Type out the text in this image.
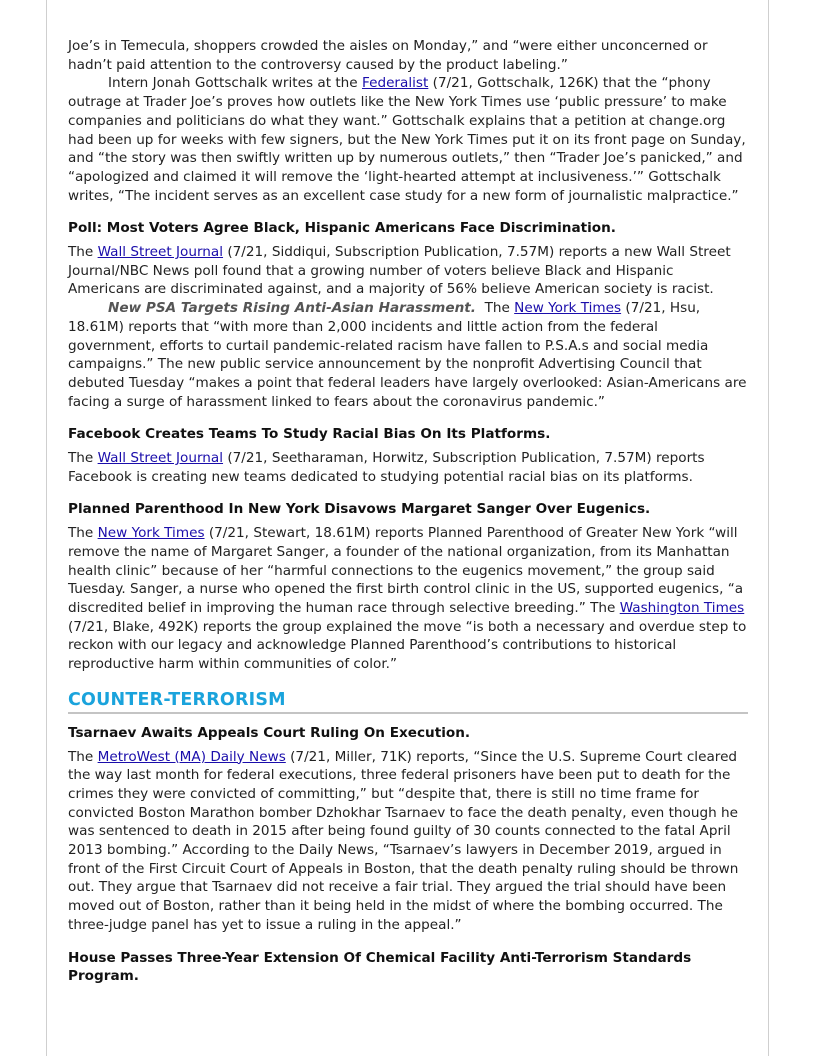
Joe’s in Temecula, shoppers crowded the aisles on Monday,” and “were either unconcerned or hadn’t paid attention to the controversy caused by the product labeling.”

Intern Jonah Gottschalk writes at the Federalist (7/21, Gottschalk, 126K) that the “phony outrage at Trader Joe’s proves how outlets like the New York Times use ‘public pressure’ to make companies and politicians do what they want.” Gottschalk explains that a petition at change.org had been up for weeks with few signers, but the New York Times put it on its front page on Sunday, and “the story was then swiftly written up by numerous outlets,” then “Trader Joe’s panicked,” and “apologized and claimed it will remove the ‘light-hearted attempt at inclusiveness.’” Gottschalk writes, “The incident serves as an excellent case study for a new form of journalistic malpractice.”

Poll: Most Voters Agree Black, Hispanic Americans Face Discrimination.

The Wall Street Journal (7/21, Siddiqui, Subscription Publication, 7.57M) reports a new Wall Street Journal/NBC News poll found that a growing number of voters believe Black and Hispanic Americans are discriminated against, and a majority of 56% believe American society is racist.

New PSA Targets Rising Anti-Asian Harassment.  The New York Times (7/21, Hsu, 18.61M) reports that “with more than 2,000 incidents and little action from the federal government, efforts to curtail pandemic-related racism have fallen to P.S.A.s and social media campaigns.” The new public service announcement by the nonprofit Advertising Council that debuted Tuesday “makes a point that federal leaders have largely overlooked: Asian-Americans are facing a surge of harassment linked to fears about the coronavirus pandemic.”

Facebook Creates Teams To Study Racial Bias On Its Platforms.

The Wall Street Journal (7/21, Seetharaman, Horwitz, Subscription Publication, 7.57M) reports Facebook is creating new teams dedicated to studying potential racial bias on its platforms.

Planned Parenthood In New York Disavows Margaret Sanger Over Eugenics.

The New York Times (7/21, Stewart, 18.61M) reports Planned Parenthood of Greater New York “will remove the name of Margaret Sanger, a founder of the national organization, from its Manhattan health clinic” because of her “harmful connections to the eugenics movement,” the group said Tuesday. Sanger, a nurse who opened the first birth control clinic in the US, supported eugenics, “a discredited belief in improving the human race through selective breeding.” The Washington Times (7/21, Blake, 492K) reports the group explained the move “is both a necessary and overdue step to reckon with our legacy and acknowledge Planned Parenthood’s contributions to historical reproductive harm within communities of color.”

COUNTER-TERRORISM
Tsarnaev Awaits Appeals Court Ruling On Execution.

The MetroWest (MA) Daily News (7/21, Miller, 71K) reports, “Since the U.S. Supreme Court cleared the way last month for federal executions, three federal prisoners have been put to death for the crimes they were convicted of committing,” but “despite that, there is still no time frame for convicted Boston Marathon bomber Dzhokhar Tsarnaev to face the death penalty, even though he was sentenced to death in 2015 after being found guilty of 30 counts connected to the fatal April 2013 bombing.” According to the Daily News, “Tsarnaev’s lawyers in December 2019, argued in front of the First Circuit Court of Appeals in Boston, that the death penalty ruling should be thrown out. They argue that Tsarnaev did not receive a fair trial. They argued the trial should have been moved out of Boston, rather than it being held in the midst of where the bombing occurred. The three-judge panel has yet to issue a ruling in the appeal.”

House Passes Three-Year Extension Of Chemical Facility Anti-Terrorism Standards Program.
